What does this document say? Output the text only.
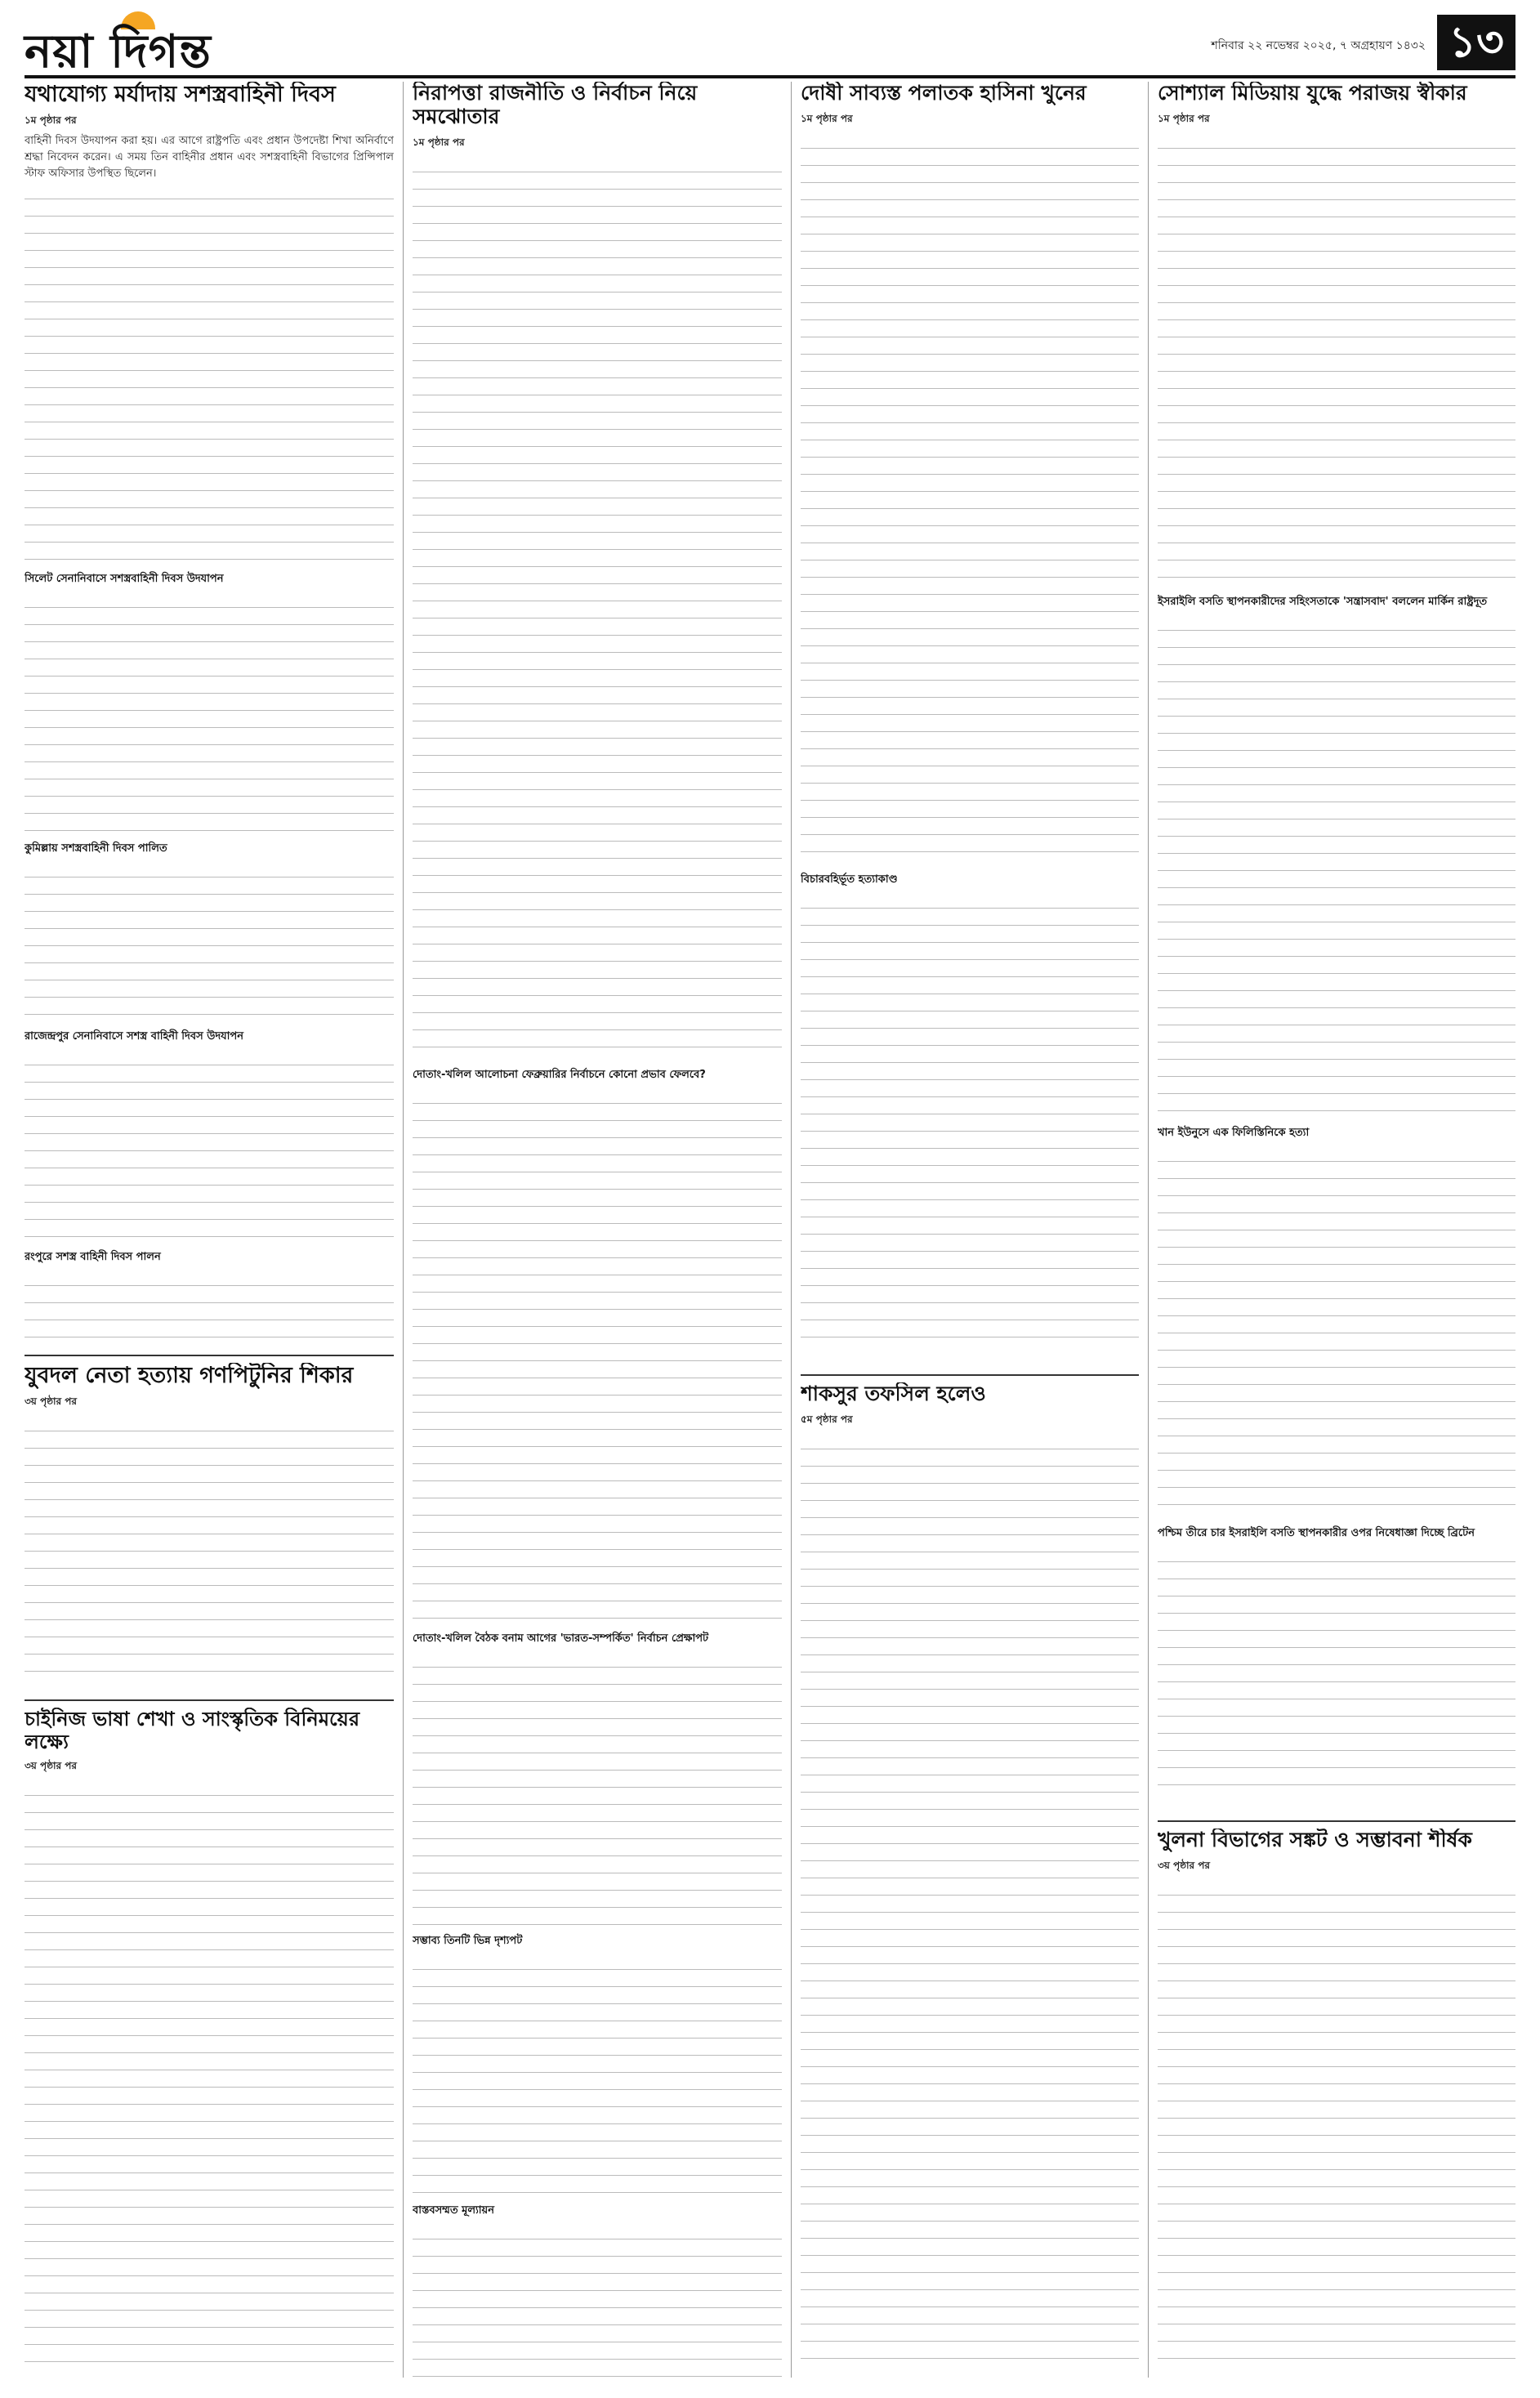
নয়া দিগন্ত	শনিবার ২২ নভেম্বর ২০২৫, ৭ অগ্রহায়ণ ১৪৩২ ১৩
যথাযোগ্য মর্যাদায় সশস্ত্রবাহিনী দিবস

১ম পৃষ্ঠার পর

বাহিনী দিবস উদযাপন করা হয়। এর আগে রাষ্ট্রপতি এবং প্রধান উপদেষ্টা শিখা অনির্বাণে শ্রদ্ধা নিবেদন করেন। এ সময় তিন বাহিনীর প্রধান এবং সশস্ত্রবাহিনী বিভাগের প্রিন্সিপাল স্টাফ অফিসার উপস্থিত ছিলেন।

সিলেট সেনানিবাসে সশস্ত্রবাহিনী দিবস উদযাপন

কুমিল্লায় সশস্ত্রবাহিনী দিবস পালিত

রাজেন্দ্রপুর সেনানিবাসে সশস্ত্র বাহিনী দিবস উদযাপন

রংপুরে সশস্ত্র বাহিনী দিবস পালন

যুবদল নেতা হত্যায় গণপিটুনির শিকার

৩য় পৃষ্ঠার পর

চাইনিজ ভাষা শেখা ও সাংস্কৃতিক বিনিময়ের লক্ষ্যে

৩য় পৃষ্ঠার পর

নিরাপত্তা রাজনীতি ও নির্বাচন নিয়ে সমঝোতার

১ম পৃষ্ঠার পর

দোতাং-খলিল আলোচনা ফেব্রুয়ারির নির্বাচনে কোনো প্রভাব ফেলবে?

দোতাং-খলিল বৈঠক বনাম আগের 'ভারত-সম্পর্কিত' নির্বাচন প্রেক্ষাপট

সম্ভাব্য তিনটি ভিন্ন দৃশ্যপট

বাস্তবসম্মত মূল্যায়ন

দোষী সাব্যস্ত পলাতক হাসিনা খুনের

১ম পৃষ্ঠার পর

বিচারবহির্ভূত হত্যাকাণ্ড

শাকসুর তফসিল হলেও

৫ম পৃষ্ঠার পর

সোশ্যাল মিডিয়ায় যুদ্ধে পরাজয় স্বীকার

১ম পৃষ্ঠার পর

ইসরাইলি বসতি স্থাপনকারীদের সহিংসতাকে 'সন্ত্রাসবাদ' বললেন মার্কিন রাষ্ট্রদূত

খান ইউনুসে এক ফিলিস্তিনিকে হত্যা

পশ্চিম তীরে চার ইসরাইলি বসতি স্থাপনকারীর ওপর নিষেধাজ্ঞা দিচ্ছে ব্রিটেন

খুলনা বিভাগের সঙ্কট ও সম্ভাবনা শীর্ষক

৩য় পৃষ্ঠার পর
